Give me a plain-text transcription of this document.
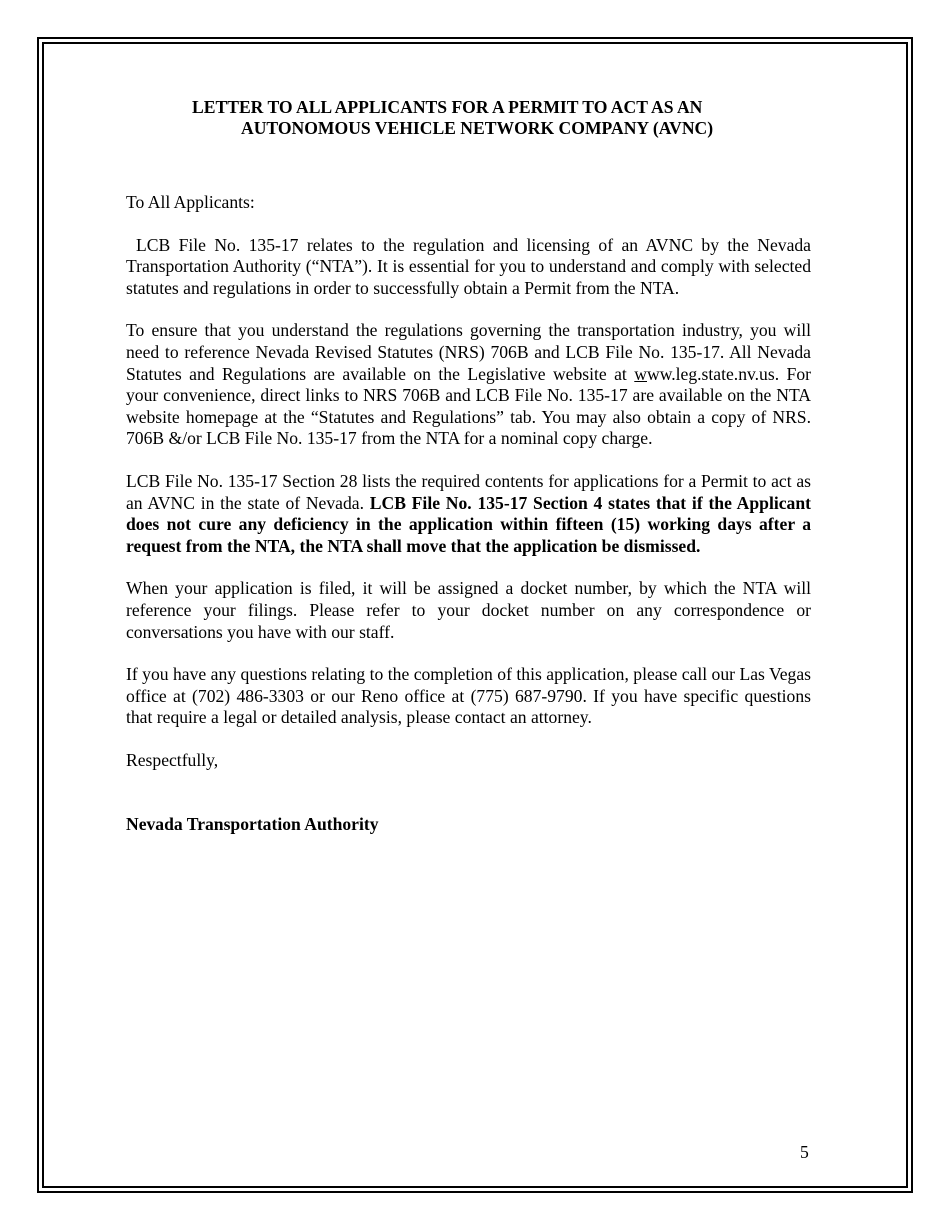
LETTER TO ALL APPLICANTS FOR A PERMIT TO ACT AS AN
AUTONOMOUS VEHICLE NETWORK COMPANY (AVNC)

To All Applicants:

LCB File No. 135-17 relates to the regulation and licensing of an AVNC by the Nevada Transportation Authority (“NTA”). It is essential for you to understand and comply with selected statutes and regulations in order to successfully obtain a Permit from the NTA.

To ensure that you understand the regulations governing the transportation industry, you will need to reference Nevada Revised Statutes (NRS) 706B and LCB File No. 135-17. All Nevada Statutes and Regulations are available on the Legislative website at www.leg.state.nv.us. For your convenience, direct links to NRS 706B and LCB File No. 135-17 are available on the NTA website homepage at the “Statutes and Regulations” tab. You may also obtain a copy of NRS. 706B &/or LCB File No. 135-17 from the NTA for a nominal copy charge.

LCB File No. 135-17 Section 28 lists the required contents for applications for a Permit to act as an AVNC in the state of Nevada. LCB File No. 135-17 Section 4 states that if the Applicant does not cure any deficiency in the application within fifteen (15) working days after a request from the NTA, the NTA shall move that the application be dismissed.

When your application is filed, it will be assigned a docket number, by which the NTA will reference your filings. Please refer to your docket number on any correspondence or conversations you have with our staff.

If you have any questions relating to the completion of this application, please call our Las Vegas office at (702) 486-3303 or our Reno office at (775) 687-9790. If you have specific questions that require a legal or detailed analysis, please contact an attorney.

Respectfully,

Nevada Transportation Authority

5
